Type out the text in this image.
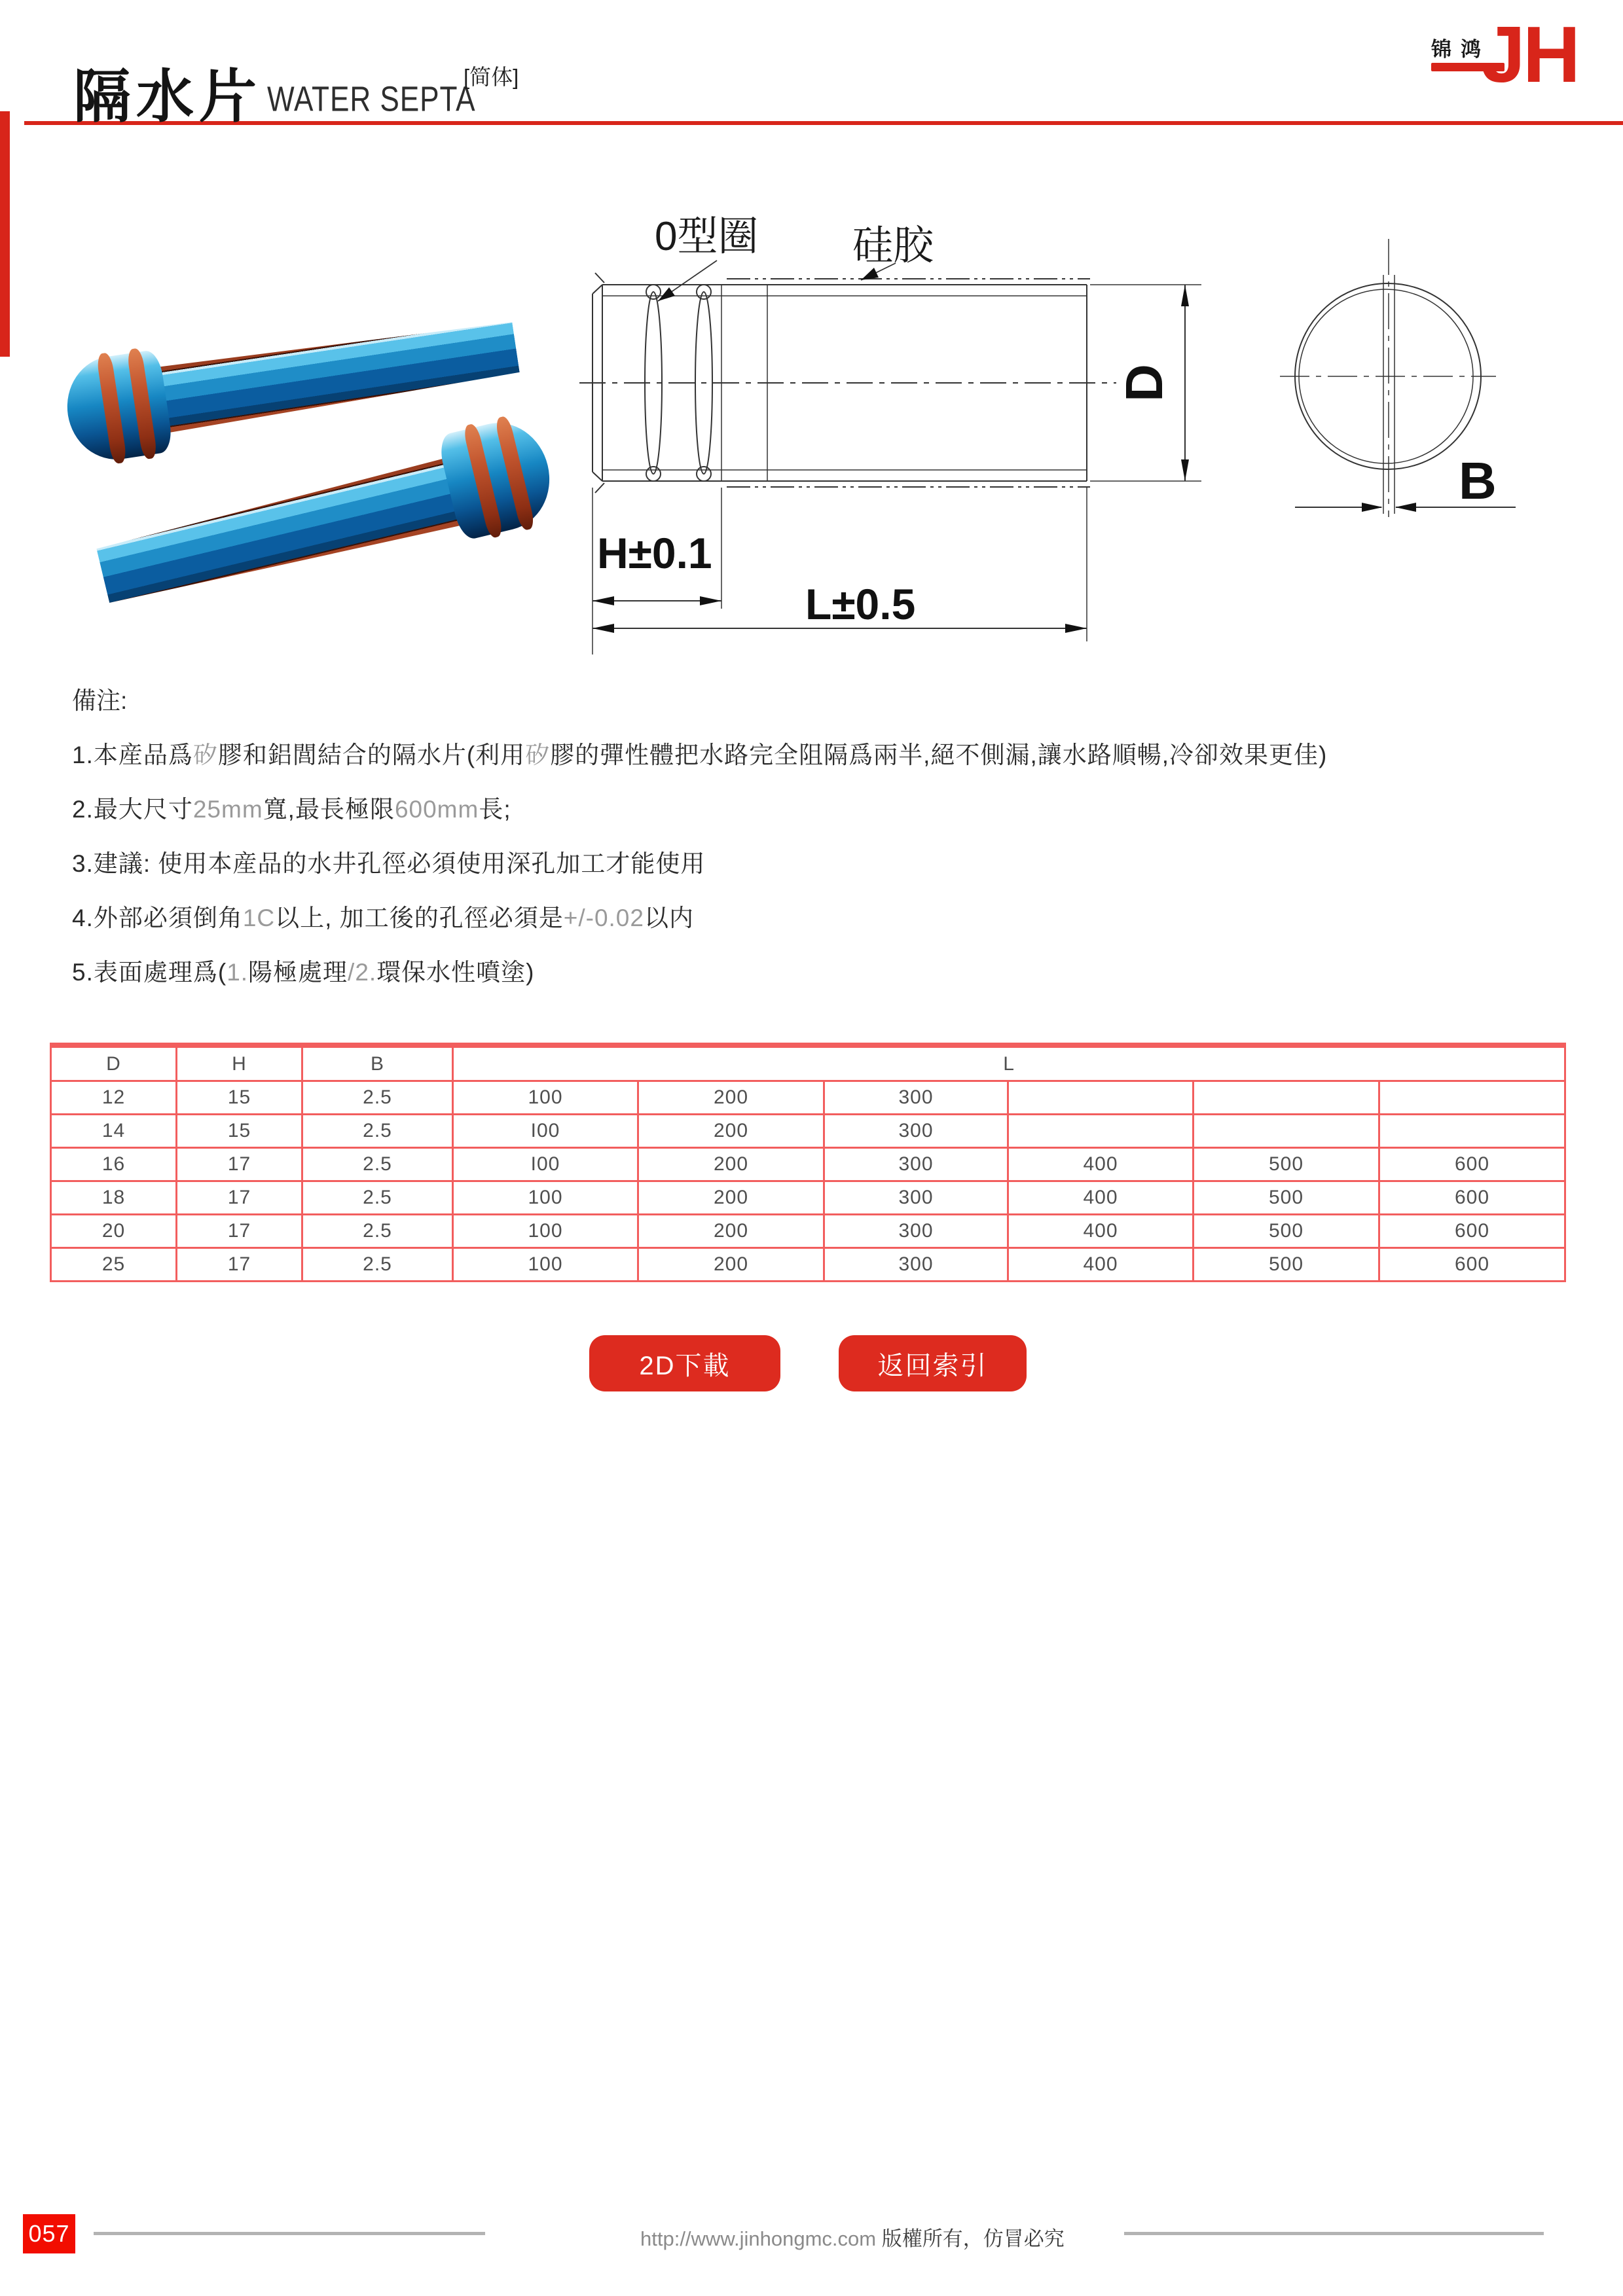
隔水片 WATER SEPTA
[简体]
锦鸿
JH
0型圈 硅胶
D
H±0.1
L±0.5
B
備注:
1.本産品爲矽膠和鋁閭結合的隔水片(利用矽膠的彈性體把水路完全阻隔爲兩半,絕不側漏,讓水路順暢,冷卻效果更佳)
2.最大尺寸25mm寬,最長極限600mm長;
3.建議: 使用本産品的水井孔徑必須使用深孔加工才能使用
4.外部必須倒角1C以上, 加工後的孔徑必須是+/-0.02以内
5.表面處理爲(1.陽極處理/2.環保水性噴塗)
D	H	B	L					
12	15	2.5	100	200	300			
14	15	2.5	I00	200	300			
16	17	2.5	I00	200	300	400	500	600
18	17	2.5	100	200	300	400	500	600
20	17	2.5	100	200	300	400	500	600
25	17	2.5	100	200	300	400	500	600
2D下載	返回索引
057	http://www.jinhongmc.com 版權所有，仿冒必究
